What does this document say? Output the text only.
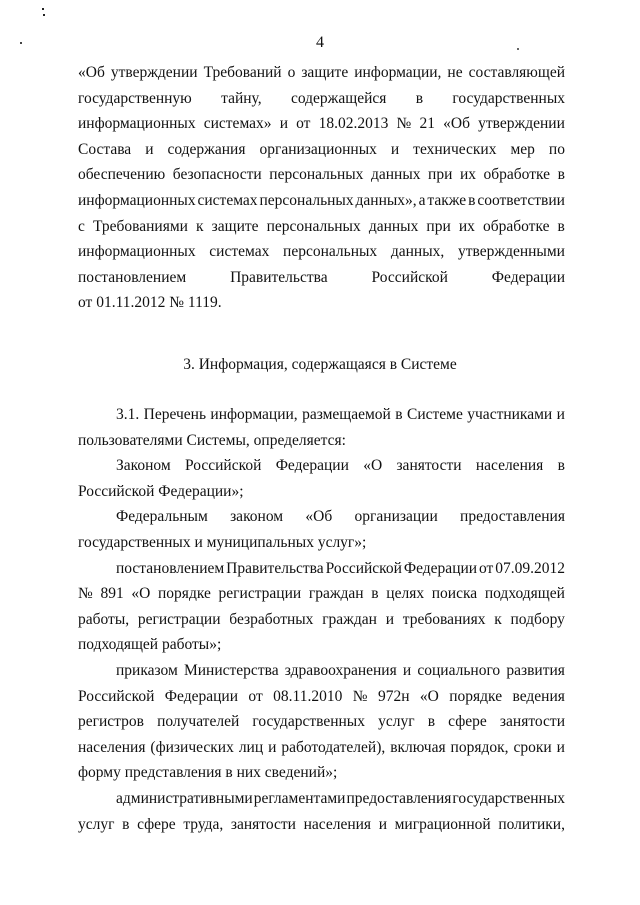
4
«Об утверждении Требований о защите информации, не составляющей
государственную тайну, содержащейся в государственных
информационных системах» и от 18.02.2013 № 21 «Об утверждении
Состава и содержания организационных и технических мер по
обеспечению безопасности персональных данных при их обработке в
информационных системах персональных данных», а также в соответствии
с Требованиями к защите персональных данных при их обработке в
информационных системах персональных данных, утвержденными
постановлением	Правительства	Российской	Федерации
от 01.11.2012 № 1119.
3. Информация, содержащаяся в Системе
3.1. Перечень информации, размещаемой в Системе участниками и
пользователями Системы, определяется:
Законом Российской Федерации «О занятости населения в
Российской Федерации»;
Федеральным законом «Об организации предоставления
государственных и муниципальных услуг»;
постановлением Правительства Российской Федерации от 07.09.2012
№ 891 «О порядке регистрации граждан в целях поиска подходящей
работы, регистрации безработных граждан и требованиях к подбору
подходящей работы»;
приказом Министерства здравоохранения и социального развития
Российской Федерации от 08.11.2010 № 972н «О порядке ведения
регистров получателей государственных услуг в сфере занятости
населения (физических лиц и работодателей), включая порядок, сроки и
форму представления в них сведений»;
административными регламентами предоставления государственных
услуг в сфере труда, занятости населения и миграционной политики,
